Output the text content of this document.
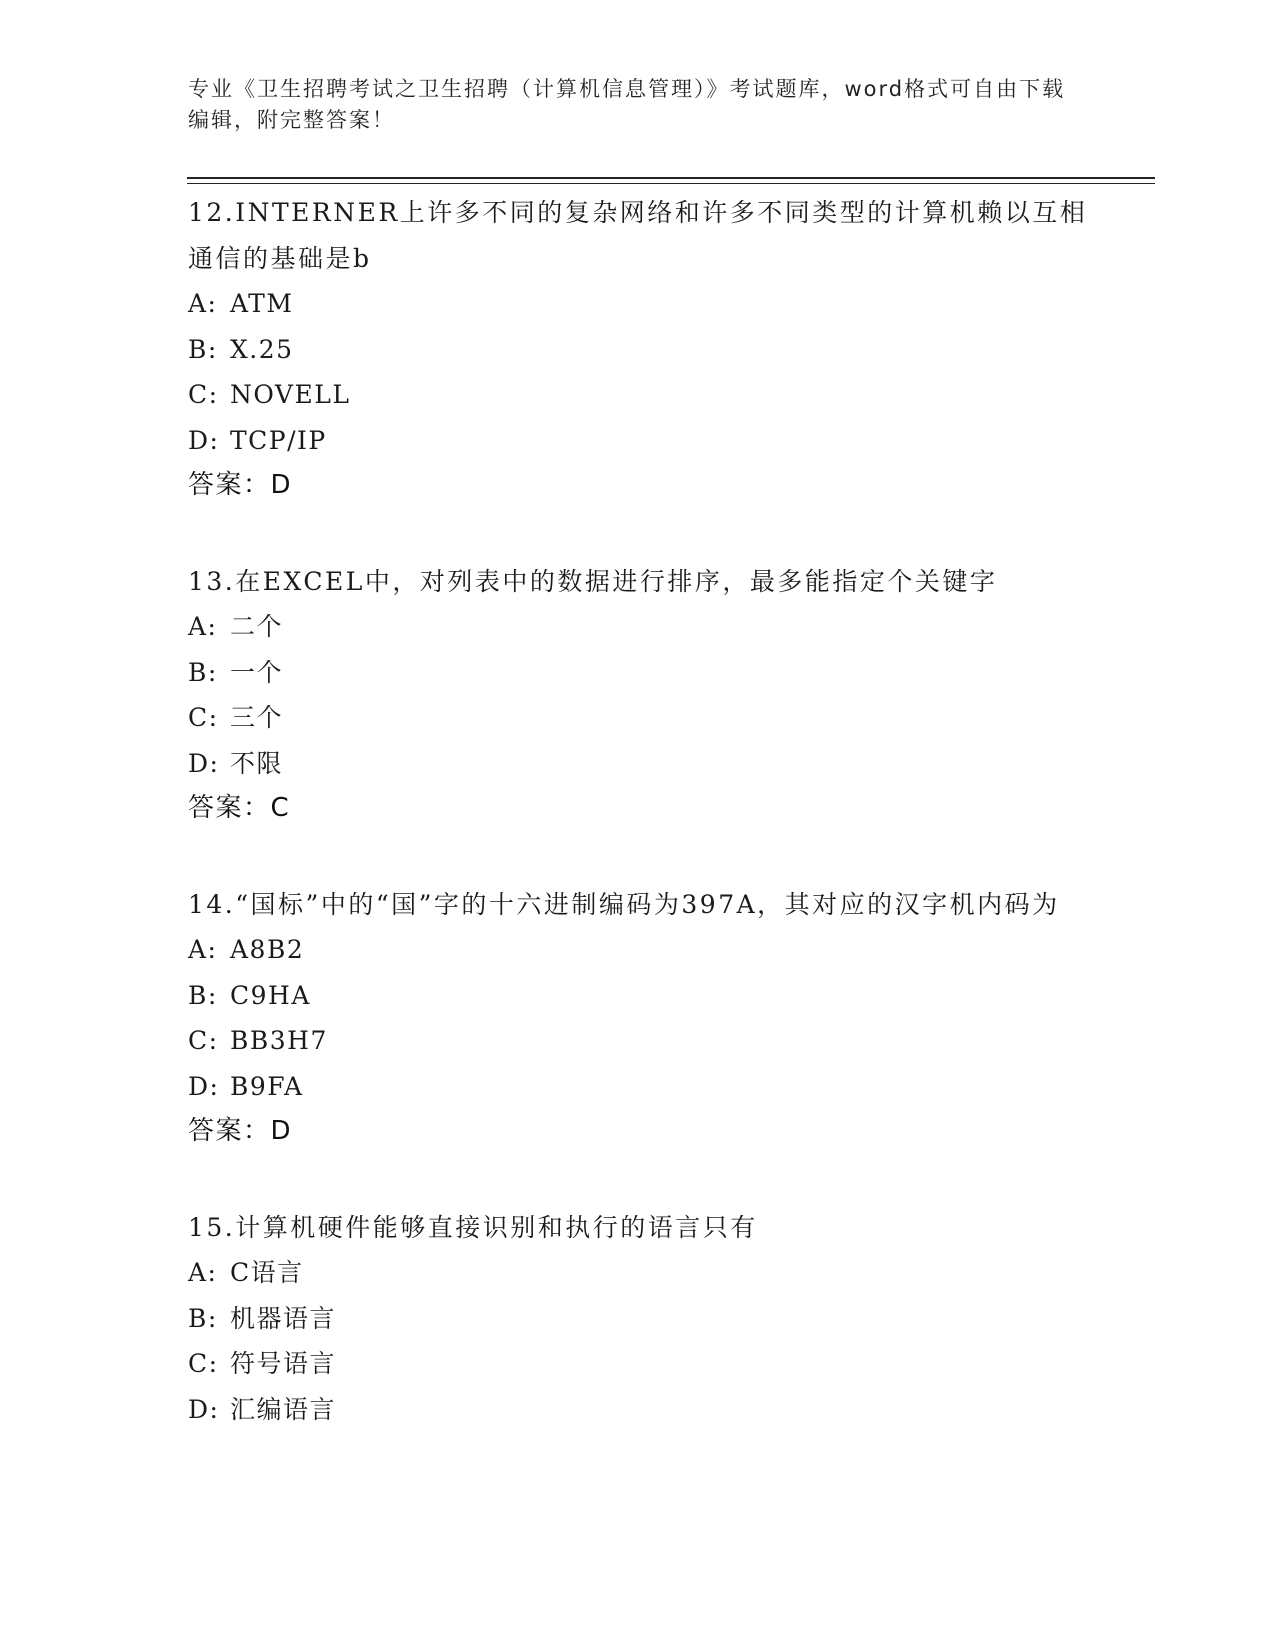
专业《卫生招聘考试之卫生招聘（计算机信息管理）》考试题库，word格式可自由下载编辑，附完整答案！

12.INTERNER上许多不同的复杂网络和许多不同类型的计算机赖以互相通信的基础是b

A: ATM
B: X.25
C: NOVELL
D: TCP/IP
答案：D

13.在EXCEL中，对列表中的数据进行排序，最多能指定个关键字

A: 二个
B: 一个
C: 三个
D: 不限
答案：C

14.“国标”中的“国”字的十六进制编码为397A，其对应的汉字机内码为

A: A8B2
B: C9HA
C: BB3H7
D: B9FA
答案：D

15.计算机硬件能够直接识别和执行的语言只有

A: C语言
B: 机器语言
C: 符号语言
D: 汇编语言
